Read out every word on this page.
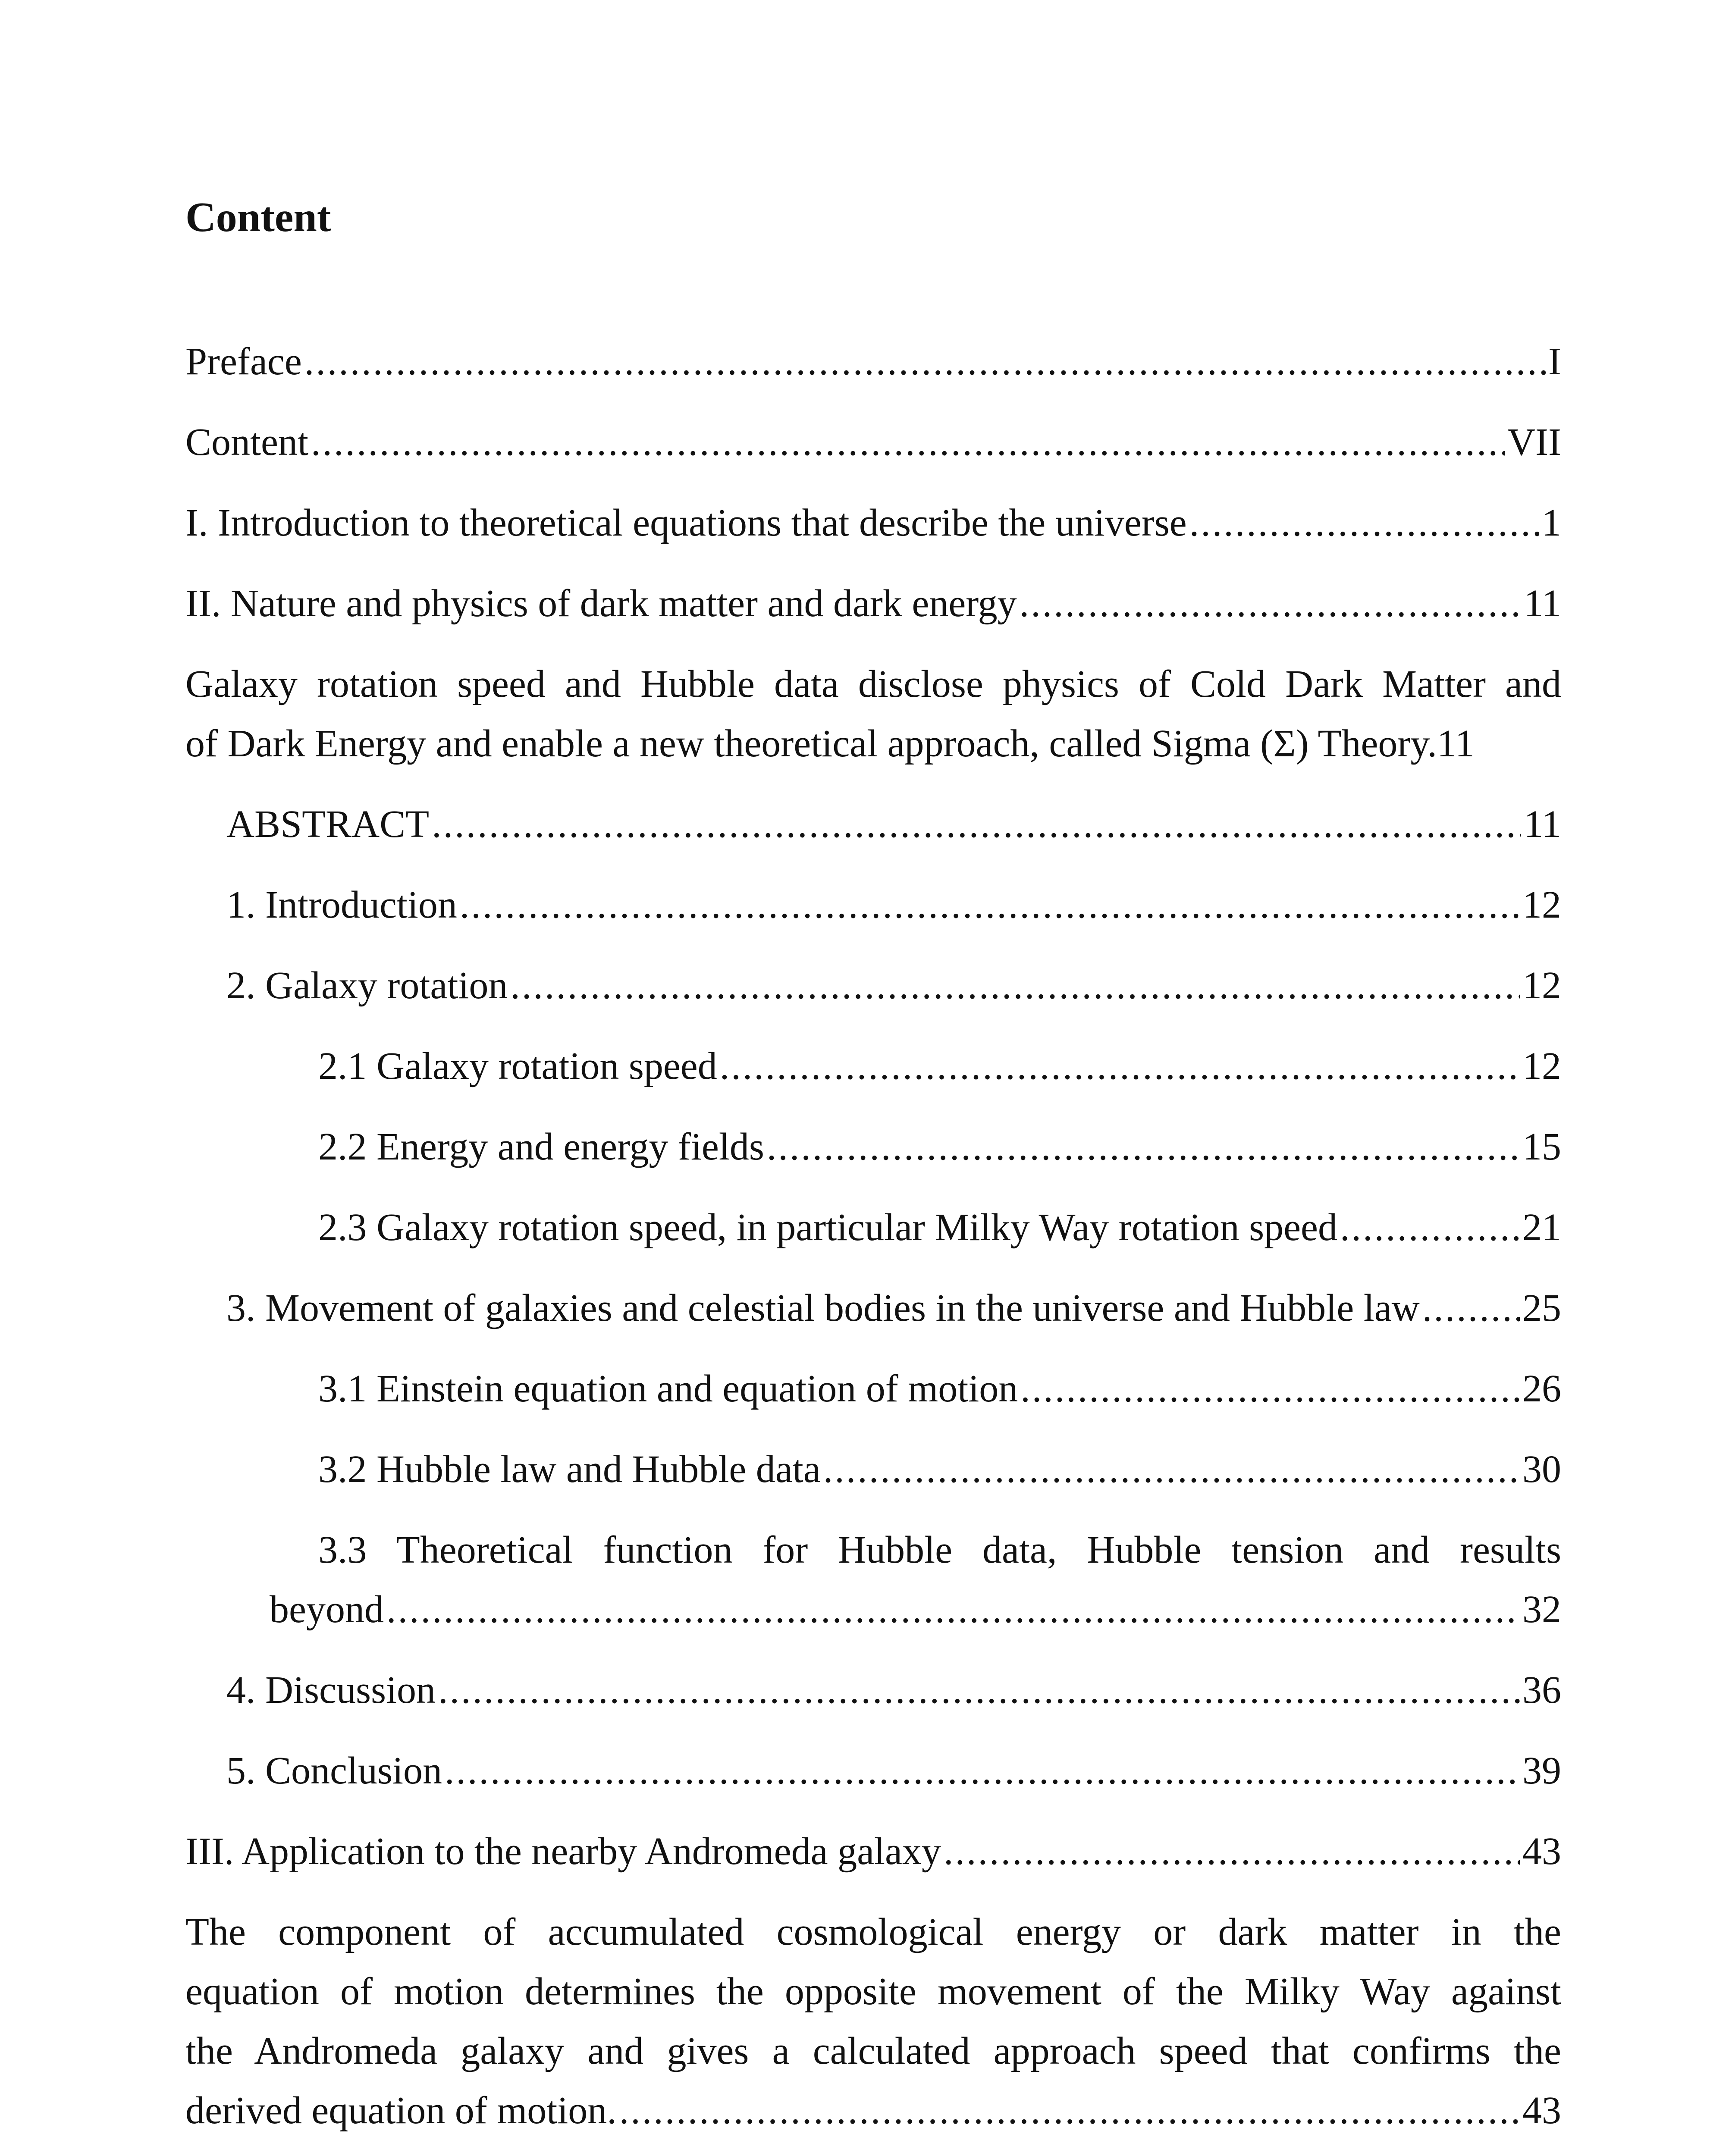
Content
Preface .....	I
Content .....	VII
I. Introduction to theoretical equations that describe the universe .....	1
II. Nature and physics of dark matter and dark energy .....	11
Galaxy rotation speed and Hubble data disclose physics of Cold Dark Matter and
of Dark Energy and enable a new theoretical approach, called Sigma (Σ) Theory. 11
ABSTRACT .....	11
1. Introduction .....	12
2. Galaxy rotation .....	12
2.1 Galaxy rotation speed .....	12
2.2 Energy and energy fields .....	15
2.3 Galaxy rotation speed, in particular Milky Way rotation speed .....	21
3. Movement of galaxies and celestial bodies in the universe and Hubble law .....	25
3.1 Einstein equation and equation of motion .....	26
3.2 Hubble law and Hubble data .....	30
3.3 Theoretical function for Hubble data, Hubble tension and results
beyond .....	32
4. Discussion .....	36
5. Conclusion .....	39
III. Application to the nearby Andromeda galaxy .....	43
The component of accumulated cosmological energy or dark matter in the
equation of motion determines the opposite movement of the Milky Way against
the Andromeda galaxy and gives a calculated approach speed that confirms the
derived equation of motion. .....	43
